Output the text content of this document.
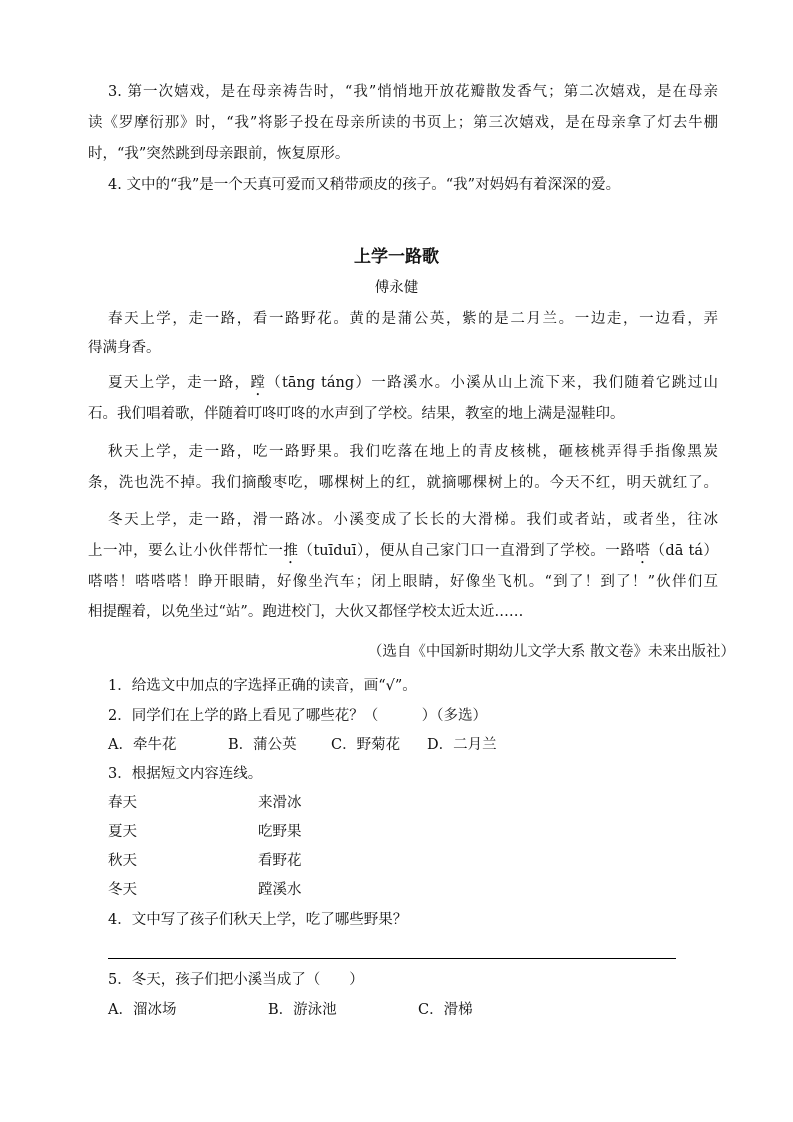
3. 第一次嬉戏，是在母亲祷告时，“我”悄悄地开放花瓣散发香气；第二次嬉戏，是在母亲
读《罗摩衍那》时，“我”将影子投在母亲所读的书页上；第三次嬉戏，是在母亲拿了灯去牛棚
时，“我”突然跳到母亲跟前，恢复原形。
4. 文中的“我”是一个天真可爱而又稍带顽皮的孩子。“我”对妈妈有着深深的爱。
上学一路歌
傅永健
春天上学，走一路，看一路野花。黄的是蒲公英，紫的是二月兰。一边走，一边看，弄
得满身香。
夏天上学，走一路，蹚（tāng táng）一路溪水。小溪从山上流下来，我们随着它跳过山
石。我们唱着歌，伴随着叮咚叮咚的水声到了学校。结果，教室的地上满是湿鞋印。
秋天上学，走一路，吃一路野果。我们吃落在地上的青皮核桃，砸核桃弄得手指像黑炭
条，洗也洗不掉。我们摘酸枣吃，哪棵树上的红，就摘哪棵树上的。今天不红，明天就红了。
冬天上学，走一路，滑一路冰。小溪变成了长长的大滑梯。我们或者站，或者坐，往冰
上一冲，要么让小伙伴帮忙一推（tuīduī），便从自己家门口一直滑到了学校。一路嗒（dā tá）
嗒嗒！嗒嗒嗒！睁开眼睛，好像坐汽车；闭上眼睛，好像坐飞机。“到了！到了！”伙伴们互
相提醒着，以免坐过“站”。跑进校门，大伙又都怪学校太近太近……
（选自《中国新时期幼儿文学大系 散文卷》未来出版社）
1．给选文中加点的字选择正确的读音，画“√”。
2．同学们在上学的路上看见了哪些花？（　　　）（多选）
A．牵牛花	B．蒲公英 C．野菊花 D．二月兰
3．根据短文内容连线。
春天	来滑冰
夏天	吃野果
秋天	看野花
冬天	蹚溪水
4．文中写了孩子们秋天上学，吃了哪些野果？
5．冬天，孩子们把小溪当成了（　　）
A．溜冰场	B．游泳池	C．滑梯
